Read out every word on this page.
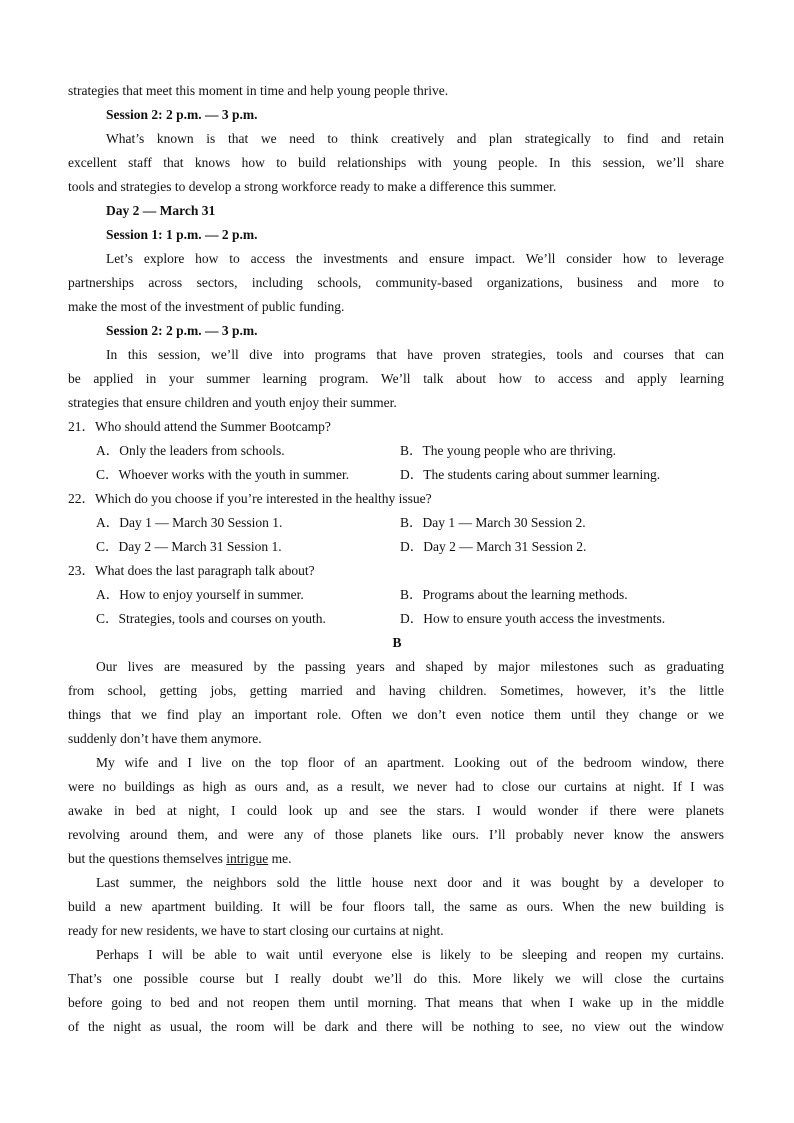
strategies that meet this moment in time and help young people thrive.
Session 2: 2 p.m. — 3 p.m.
What’s known is that we need to think creatively and plan strategically to find and retain
excellent staff that knows how to build relationships with young people. In this session, we’ll share
tools and strategies to develop a strong workforce ready to make a difference this summer.
Day 2 — March 31
Session 1: 1 p.m. — 2 p.m.
Let’s explore how to access the investments and ensure impact. We’ll consider how to leverage
partnerships across sectors, including schools, community-based organizations, business and more to
make the most of the investment of public funding.
Session 2: 2 p.m. — 3 p.m.
In this session, we’ll dive into programs that have proven strategies, tools and courses that can
be applied in your summer learning program. We’ll talk about how to access and apply learning
strategies that ensure children and youth enjoy their summer.
21．Who should attend the Summer Bootcamp?
A．Only the leaders from schools.	B．The young people who are thriving.
C．Whoever works with the youth in summer.	D．The students caring about summer learning.
22．Which do you choose if you’re interested in the healthy issue?
A．Day 1 — March 30 Session 1.	B．Day 1 — March 30 Session 2.
C．Day 2 — March 31 Session 1.	D．Day 2 — March 31 Session 2.
23．What does the last paragraph talk about?
A．How to enjoy yourself in summer.	B．Programs about the learning methods.
C．Strategies, tools and courses on youth.	D．How to ensure youth access the investments.
B
Our lives are measured by the passing years and shaped by major milestones such as graduating
from school, getting jobs, getting married and having children. Sometimes, however, it’s the little
things that we find play an important role. Often we don’t even notice them until they change or we
suddenly don’t have them anymore.
My wife and I live on the top floor of an apartment. Looking out of the bedroom window, there
were no buildings as high as ours and, as a result, we never had to close our curtains at night. If I was
awake in bed at night, I could look up and see the stars. I would wonder if there were planets
revolving around them, and were any of those planets like ours. I’ll probably never know the answers
but the questions themselves intrigue me.
Last summer, the neighbors sold the little house next door and it was bought by a developer to
build a new apartment building. It will be four floors tall, the same as ours. When the new building is
ready for new residents, we have to start closing our curtains at night.
Perhaps I will be able to wait until everyone else is likely to be sleeping and reopen my curtains.
That’s one possible course but I really doubt we’ll do this. More likely we will close the curtains
before going to bed and not reopen them until morning. That means that when I wake up in the middle
of the night as usual, the room will be dark and there will be nothing to see, no view out the window
